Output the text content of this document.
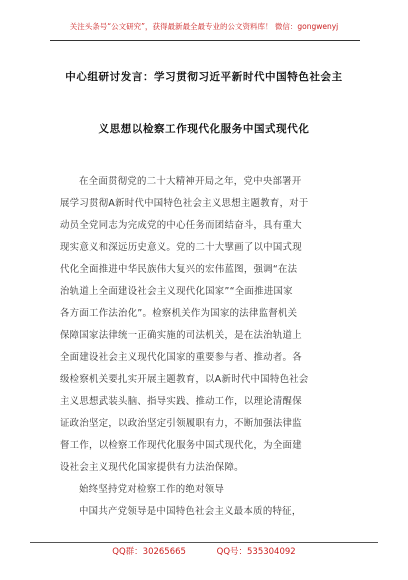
关注头条号“公文研究”，获得最新最全最专业的公文资料库！ 微信：gongwenyj
中心组研讨发言：学习贯彻习近平新时代中国特色社会主
义思想以检察工作现代化服务中国式现代化
在全面贯彻党的二十大精神开局之年，党中央部署开
展学习贯彻A新时代中国特色社会主义思想主题教育，对于
动员全党同志为完成党的中心任务而团结奋斗，具有重大
现实意义和深远历史意义。党的二十大擘画了以中国式现
代化全面推进中华民族伟大复兴的宏伟蓝图，强调“在法
治轨道上全面建设社会主义现代化国家”“全面推进国家
各方面工作法治化”。检察机关作为国家的法律监督机关
保障国家法律统一正确实施的司法机关，是在法治轨道上
全面建设社会主义现代化国家的重要参与者、推动者。各
级检察机关要扎实开展主题教育，以A新时代中国特色社会
主义思想武装头脑、指导实践、推动工作，以理论清醒保
证政治坚定，以政治坚定引领履职有力，不断加强法律监
督工作，以检察工作现代化服务中国式现代化，为全面建
设社会主义现代化国家提供有力法治保障。
始终坚持党对检察工作的绝对领导
中国共产党领导是中国特色社会主义最本质的特征，
QQ群：30265665	QQ号：535304092
